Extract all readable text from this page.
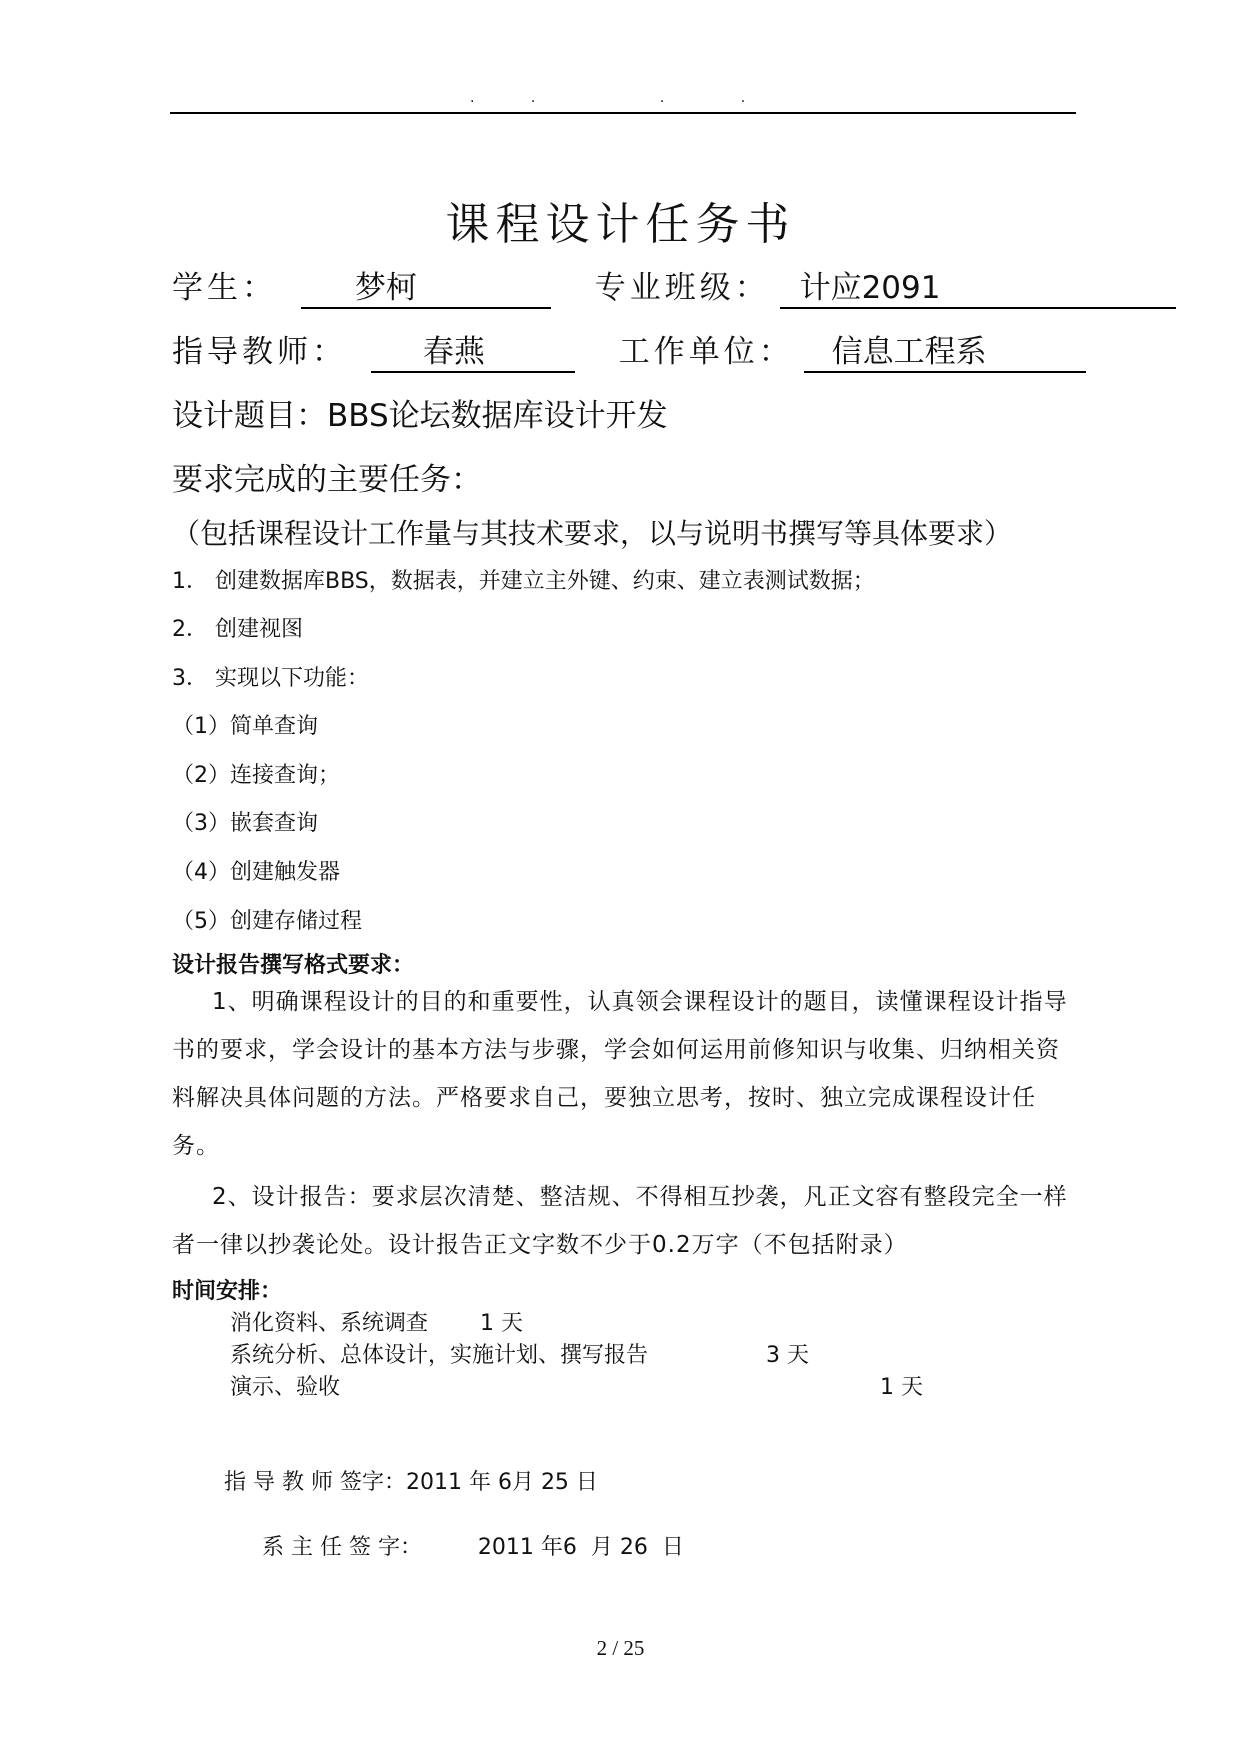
.	.	.	.
课程设计任务书
学生：	梦柯	专业班级： 计应2091
指导教师： 春燕	工作单位： 信息工程系
设计题目：BBS论坛数据库设计开发
要求完成的主要任务：
（包括课程设计工作量与其技术要求，以与说明书撰写等具体要求）
1． 创建数据库BBS，数据表，并建立主外键、约束、建立表测试数据；
2． 创建视图
3． 实现以下功能：
（1）简单查询
（2）连接查询；
（3）嵌套查询
（4）创建触发器
（5）创建存储过程
设计报告撰写格式要求：
1、明确课程设计的目的和重要性，认真领会课程设计的题目，读懂课程设计指导书的要求，学会设计的基本方法与步骤，学会如何运用前修知识与收集、归纳相关资料解决具体问题的方法。严格要求自己，要独立思考，按时、独立完成课程设计任务。
2、设计报告：要求层次清楚、整洁规、不得相互抄袭，凡正文容有整段完全一样者一律以抄袭论处。设计报告正文字数不少于0.2万字（不包括附录）
时间安排：
消化资料、系统调查 1 天
系统分析、总体设计，实施计划、撰写报告	3 天
演示、验收	1 天
指 导 教 师 签字：2011 年 6月 25 日
系 主 任 签 字：        2011 年6  月 26  日
2 / 25
